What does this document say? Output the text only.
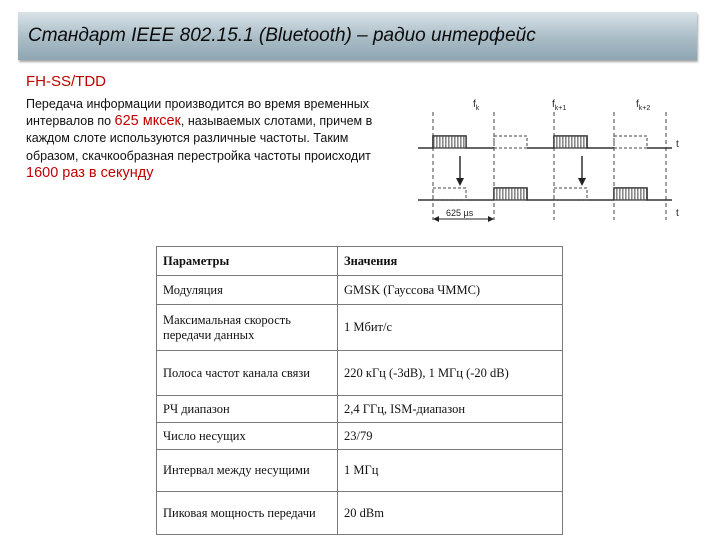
Стандарт IEEE 802.15.1 (Bluetooth) – радио интерфейс
FH-SS/TDD
Передача информации производится во время временных интервалов по 625 мксек, называемых слотами, причем в каждом слоте используются различные частоты. Таким образом, скачкообразная перестройка частоты происходит 1600 раз в секунду
t
t
$f_k$	$f_{k+1}$	$f_{k+2}$
625 µs
Параметры	Значения
Модуляция	GMSK (Гауссова ЧММС)
Максимальная скорость передачи данных	1 Мбит/с
Полоса частот канала связи	220 кГц (-3dB), 1 МГц (-20 dB)
РЧ диапазон	2,4 ГГц, ISM-диапазон
Число несущих	23/79
Интервал между несущими	1 МГц
Пиковая мощность передачи	20 dBm
